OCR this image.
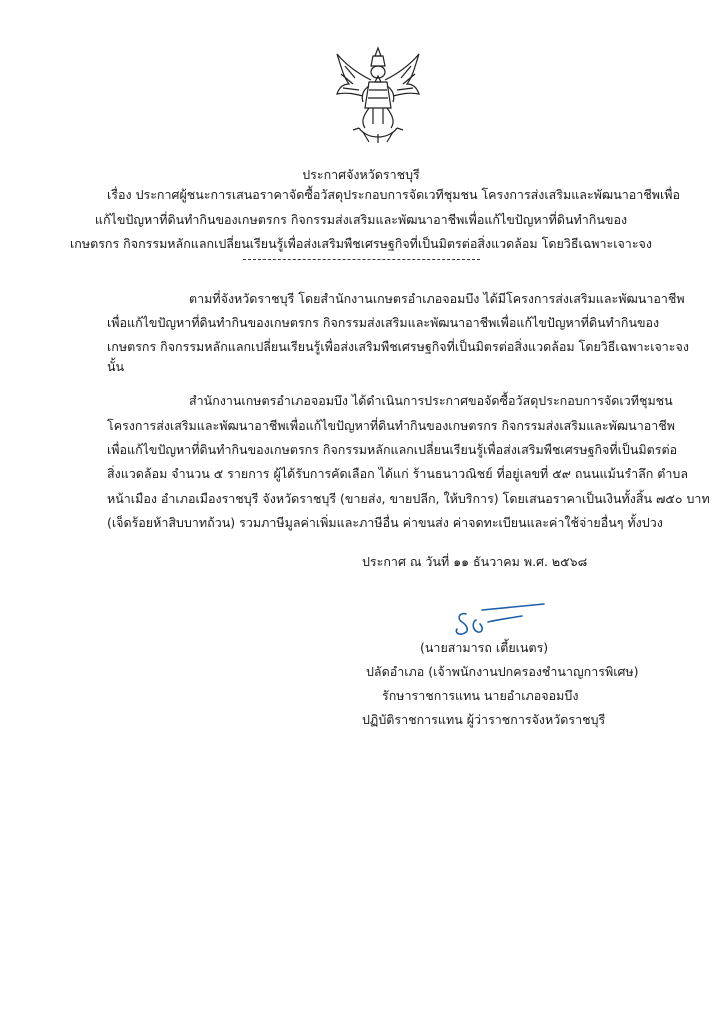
ประกาศจังหวัดราชบุรี
เรื่อง ประกาศผู้ชนะการเสนอราคาจัดซื้อวัสดุประกอบการจัดเวทีชุมชน โครงการส่งเสริมและพัฒนาอาชีพเพื่อ
แก้ไขปัญหาที่ดินทำกินของเกษตรกร กิจกรรมส่งเสริมและพัฒนาอาชีพเพื่อแก้ไขปัญหาที่ดินทำกินของ
เกษตรกร กิจกรรมหลักแลกเปลี่ยนเรียนรู้เพื่อส่งเสริมพืชเศรษฐกิจที่เป็นมิตรต่อสิ่งแวดล้อม โดยวิธีเฉพาะเจาะจง
ตามที่จังหวัดราชบุรี โดยสำนักงานเกษตรอำเภอจอมบึง ได้มีโครงการส่งเสริมและพัฒนาอาชีพ
เพื่อแก้ไขปัญหาที่ดินทำกินของเกษตรกร กิจกรรมส่งเสริมและพัฒนาอาชีพเพื่อแก้ไขปัญหาที่ดินทำกินของ
เกษตรกร กิจกรรมหลักแลกเปลี่ยนเรียนรู้เพื่อส่งเสริมพืชเศรษฐกิจที่เป็นมิตรต่อสิ่งแวดล้อม โดยวิธีเฉพาะเจาะจง
นั้น
สำนักงานเกษตรอำเภอจอมบึง ได้ดำเนินการประกาศขอจัดซื้อวัสดุประกอบการจัดเวทีชุมชน
โครงการส่งเสริมและพัฒนาอาชีพเพื่อแก้ไขปัญหาที่ดินทำกินของเกษตรกร กิจกรรมส่งเสริมและพัฒนาอาชีพ
เพื่อแก้ไขปัญหาที่ดินทำกินของเกษตรกร กิจกรรมหลักแลกเปลี่ยนเรียนรู้เพื่อส่งเสริมพืชเศรษฐกิจที่เป็นมิตรต่อ
สิ่งแวดล้อม จำนวน ๕ รายการ ผู้ได้รับการคัดเลือก ได้แก่ ร้านธนาวณิชย์ ที่อยู่เลขที่ ๕๙ ถนนแม้นรำลึก ตำบล
หน้าเมือง อำเภอเมืองราชบุรี จังหวัดราชบุรี (ขายส่ง, ขายปลีก, ให้บริการ) โดยเสนอราคาเป็นเงินทั้งสิ้น ๗๕๐ บาท
(เจ็ดร้อยห้าสิบบาทถ้วน) รวมภาษีมูลค่าเพิ่มและภาษีอื่น ค่าขนส่ง ค่าจดทะเบียนและค่าใช้จ่ายอื่นๆ ทั้งปวง
ประกาศ ณ วันที่ ๑๑ ธันวาคม พ.ศ. ๒๕๖๘
(นายสามารถ เตี้ยเนตร)
ปลัดอำเภอ (เจ้าพนักงานปกครองชำนาญการพิเศษ)
รักษาราชการแทน นายอำเภอจอมบึง
ปฏิบัติราชการแทน ผู้ว่าราชการจังหวัดราชบุรี
